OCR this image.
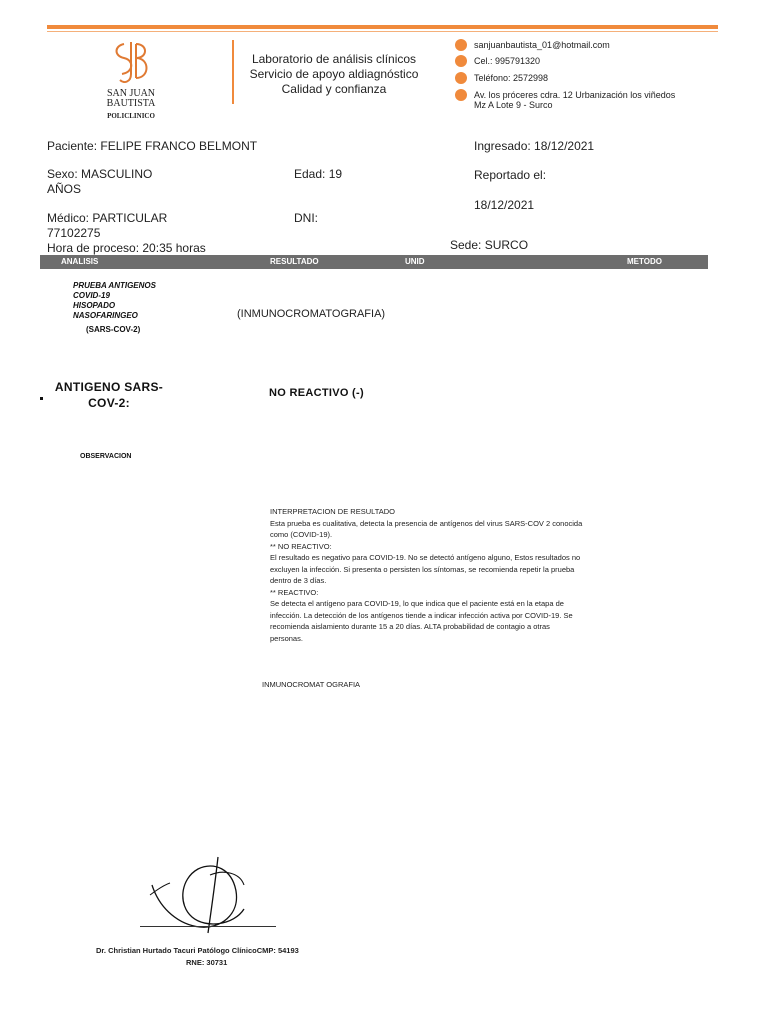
SAN JUAN
BAUTISTA
POLICLINICO
Laboratorio de análisis clínicos
Servicio de apoyo aldiagnóstico
Calidad y confianza
sanjuanbautista_01@hotmail.com
Cel.: 995791320
Teléfono: 2572998
Av. los próceres cdra. 12 Urbanización los viñedos
Mz A Lote 9 - Surco
Paciente: FELIPE FRANCO BELMONT	Ingresado: 18/12/2021
Sexo: MASCULINO
AÑOS
Edad: 19	Reportado el:
18/12/2021
Médico: PARTICULAR
77102275
DNI:
Hora de proceso: 20:35 horas	Sede: SURCO
ANALISIS	RESULTADO	UNID	METODO
PRUEBA ANTIGENOS
COVID-19
HISOPADO
NASOFARINGEO
(SARS-COV-2)
(INMUNOCROMATOGRAFIA)
ANTIGENO SARS-
COV-2:
NO REACTIVO (-)
OBSERVACION

INTERPRETACION DE RESULTADO

Esta prueba es cualitativa, detecta la presencia de antígenos del virus SARS-COV 2 conocida

como (COVID-19).

** NO REACTIVO:

El resultado es negativo para COVID-19. No se detectó antígeno alguno, Estos resultados no

excluyen la infección. Si presenta o persisten los síntomas, se recomienda repetir la prueba

dentro de 3 días.

** REACTIVO:

Se detecta el antígeno para COVID-19, lo que indica que el paciente está en la etapa de

infección. La detección de los antígenos tiende a indicar infección activa por COVID-19. Se

recomienda aislamiento durante 15 a 20 días. ALTA probabilidad de contagio a otras

personas.

INMUNOCROMAT OGRAFIA
Dr. Christian Hurtado Tacuri Patólogo ClínicoCMP: 54193
RNE: 30731
